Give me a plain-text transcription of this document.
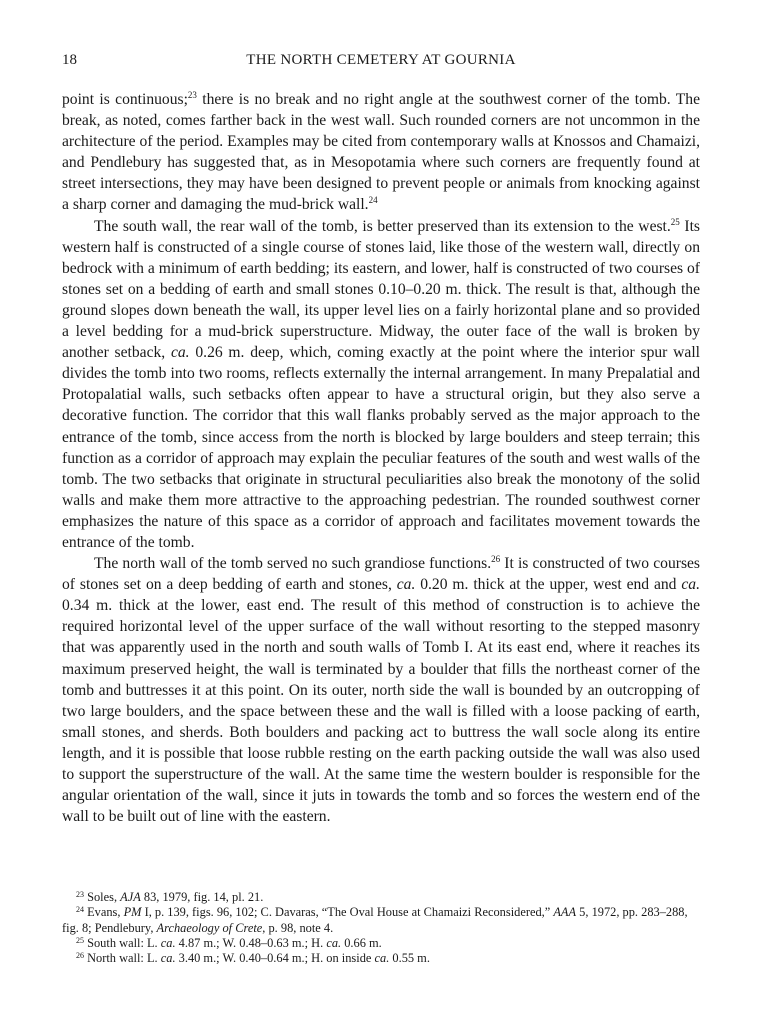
18	THE NORTH CEMETERY AT GOURNIA

point is continuous;$^{23}$ there is no break and no right angle at the southwest corner of the tomb. The break, as noted, comes farther back in the west wall. Such rounded corners are not uncommon in the architecture of the period. Examples may be cited from contemporary walls at Knossos and Chamaizi, and Pendlebury has suggested that, as in Mesopotamia where such corners are frequently found at street intersections, they may have been designed to prevent people or animals from knocking against a sharp corner and damaging the mud-brick wall.$^{24}$

The south wall, the rear wall of the tomb, is better preserved than its extension to the west.$^{25}$ Its western half is constructed of a single course of stones laid, like those of the western wall, directly on bedrock with a minimum of earth bedding; its eastern, and lower, half is constructed of two courses of stones set on a bedding of earth and small stones 0.10–0.20 m. thick. The result is that, although the ground slopes down beneath the wall, its upper level lies on a fairly horizontal plane and so provided a level bedding for a mud-brick superstructure. Midway, the outer face of the wall is broken by another setback, ca. 0.26 m. deep, which, coming exactly at the point where the interior spur wall divides the tomb into two rooms, reflects externally the internal arrangement. In many Prepalatial and Protopalatial walls, such setbacks often appear to have a structural origin, but they also serve a decorative function. The corridor that this wall flanks probably served as the major approach to the entrance of the tomb, since access from the north is blocked by large boulders and steep terrain; this function as a corridor of approach may explain the peculiar features of the south and west walls of the tomb. The two setbacks that originate in structural peculiarities also break the monotony of the solid walls and make them more attractive to the approaching pedestrian. The rounded southwest corner emphasizes the nature of this space as a corridor of approach and facilitates movement towards the entrance of the tomb.

The north wall of the tomb served no such grandiose functions.$^{26}$ It is constructed of two courses of stones set on a deep bedding of earth and stones, ca. 0.20 m. thick at the upper, west end and ca. 0.34 m. thick at the lower, east end. The result of this method of construction is to achieve the required horizontal level of the upper surface of the wall without resorting to the stepped masonry that was apparently used in the north and south walls of Tomb I. At its east end, where it reaches its maximum preserved height, the wall is terminated by a boulder that fills the northeast corner of the tomb and buttresses it at this point. On its outer, north side the wall is bounded by an outcropping of two large boulders, and the space between these and the wall is filled with a loose packing of earth, small stones, and sherds. Both boulders and packing act to buttress the wall socle along its entire length, and it is possible that loose rubble resting on the earth packing outside the wall was also used to support the superstructure of the wall. At the same time the western boulder is responsible for the angular orientation of the wall, since it juts in towards the tomb and so forces the western end of the wall to be built out of line with the eastern.

$^{23}$ Soles, AJA 83, 1979, fig. 14, pl. 21.

$^{24}$ Evans, PM I, p. 139, figs. 96, 102; C. Davaras, “The Oval House at Chamaizi Reconsidered,” AAA 5, 1972, pp. 283–288, fig. 8; Pendlebury, Archaeology of Crete, p. 98, note 4.

$^{25}$ South wall: L. ca. 4.87 m.; W. 0.48–0.63 m.; H. ca. 0.66 m.

$^{26}$ North wall: L. ca. 3.40 m.; W. 0.40–0.64 m.; H. on inside ca. 0.55 m.
